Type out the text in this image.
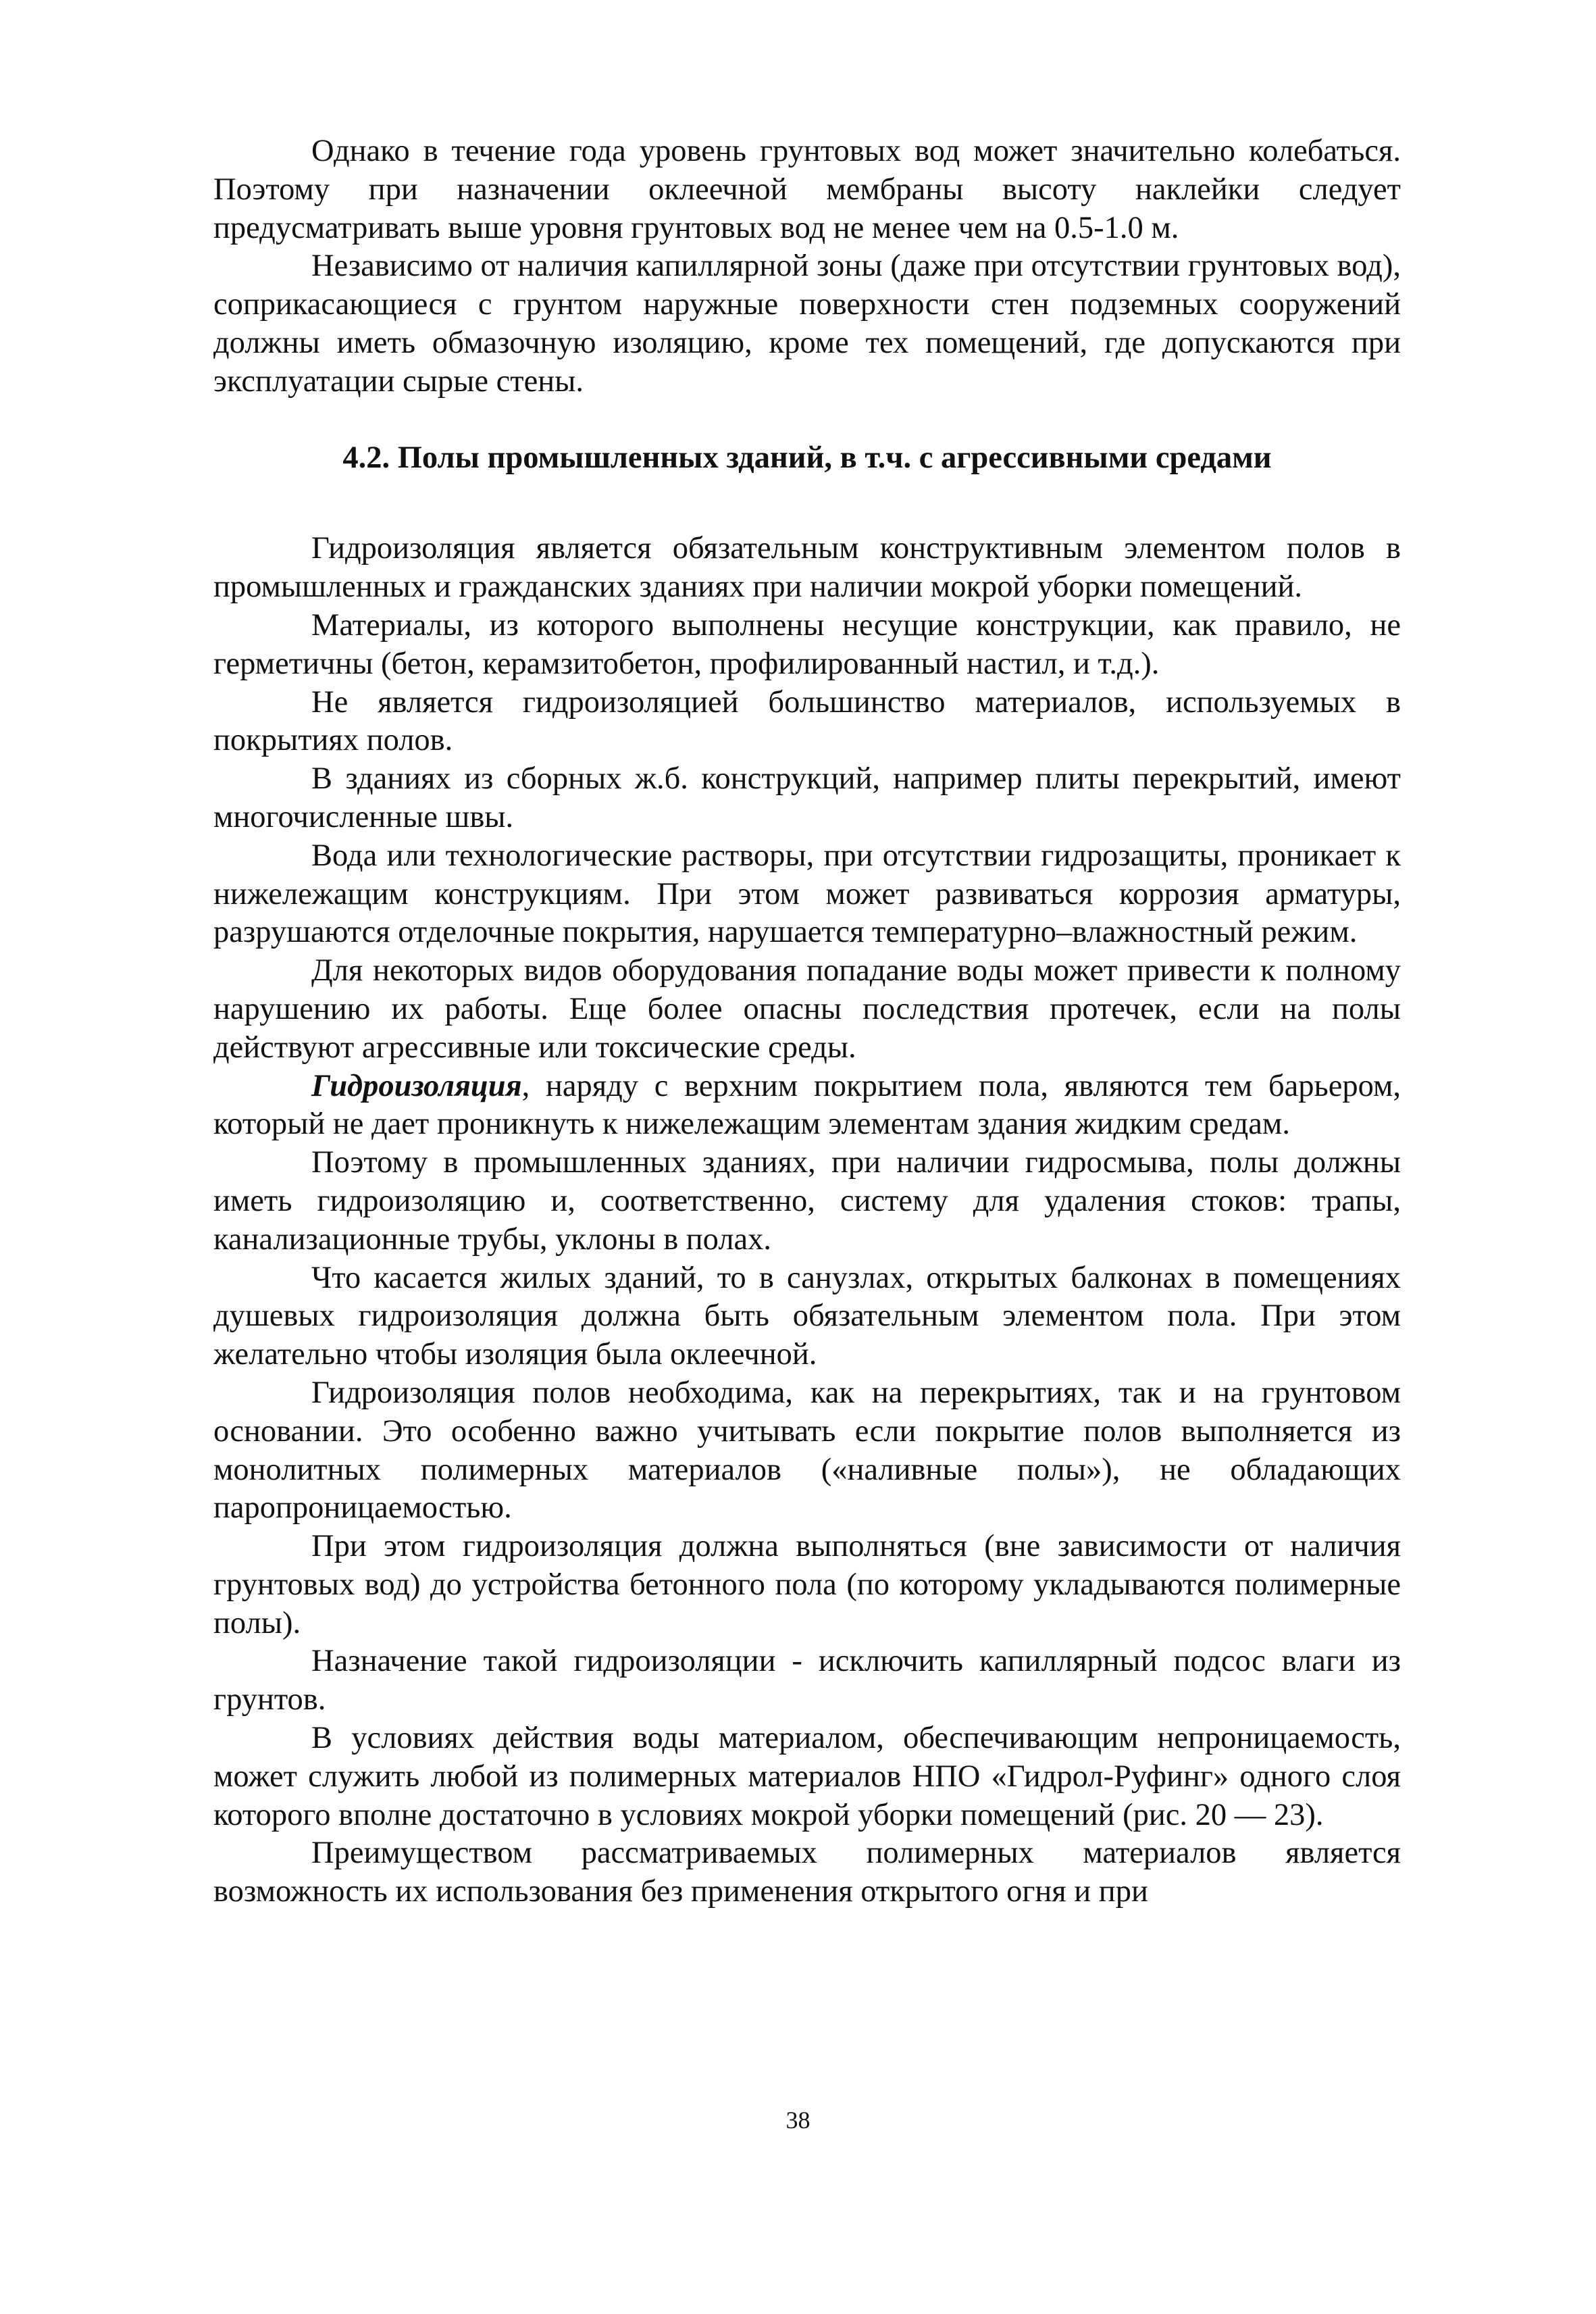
Однако в течение года уровень грунтовых вод может значительно колебаться. Поэтому при назначении оклеечной мембраны высоту наклейки следует предусматривать выше уровня грунтовых вод не менее чем на 0.5-1.0 м.

Независимо от наличия капиллярной зоны (даже при отсутствии грунтовых вод), соприкасающиеся с грунтом наружные поверхности стен подземных сооружений должны иметь обмазочную изоляцию, кроме тех помещений, где допускаются при эксплуатации сырые стены.

4.2. Полы промышленных зданий, в т.ч. с агрессивными средами

Гидроизоляция является обязательным конструктивным элементом полов в промышленных и гражданских зданиях при наличии мокрой уборки помещений.

Материалы, из которого выполнены несущие конструкции, как правило, не герметичны (бетон, керамзитобетон, профилированный настил, и т.д.).

Не является гидроизоляцией большинство материалов, используемых в покрытиях полов.

В зданиях из сборных ж.б. конструкций, например плиты перекрытий, имеют многочисленные швы.

Вода или технологические растворы, при отсутствии гидрозащиты, проникает к нижележащим конструкциям. При этом может развиваться коррозия арматуры, разрушаются отделочные покрытия, нарушается температурно–влажностный режим.

Для некоторых видов оборудования попадание воды может привести к полному нарушению их работы. Еще более опасны последствия протечек, если на полы действуют агрессивные или токсические среды.

Гидроизоляция, наряду с верхним покрытием пола, являются тем барьером, который не дает проникнуть к нижележащим элементам здания жидким средам.

Поэтому в промышленных зданиях, при наличии гидросмыва, полы должны иметь гидроизоляцию и, соответственно, систему для удаления стоков: трапы, канализационные трубы, уклоны в полах.

Что касается жилых зданий, то в санузлах, открытых балконах в помещениях душевых гидроизоляция должна быть обязательным элементом пола. При этом желательно чтобы изоляция была оклеечной.

Гидроизоляция полов необходима, как на перекрытиях, так и на грунтовом основании. Это особенно важно учитывать если покрытие полов выполняется из монолитных полимерных материалов («наливные полы»), не обладающих паропроницаемостью.

При этом гидроизоляция должна выполняться (вне зависимости от наличия грунтовых вод) до устройства бетонного пола (по которому укладываются полимерные полы).

Назначение такой гидроизоляции - исключить капиллярный подсос влаги из грунтов.

В условиях действия воды материалом, обеспечивающим непроницаемость, может служить любой из полимерных материалов НПО «Гидрол-Руфинг» одного слоя которого вполне достаточно в условиях мокрой уборки помещений (рис. 20 — 23).

Преимуществом рассматриваемых полимерных материалов является возможность их использования без применения открытого огня и при

38
